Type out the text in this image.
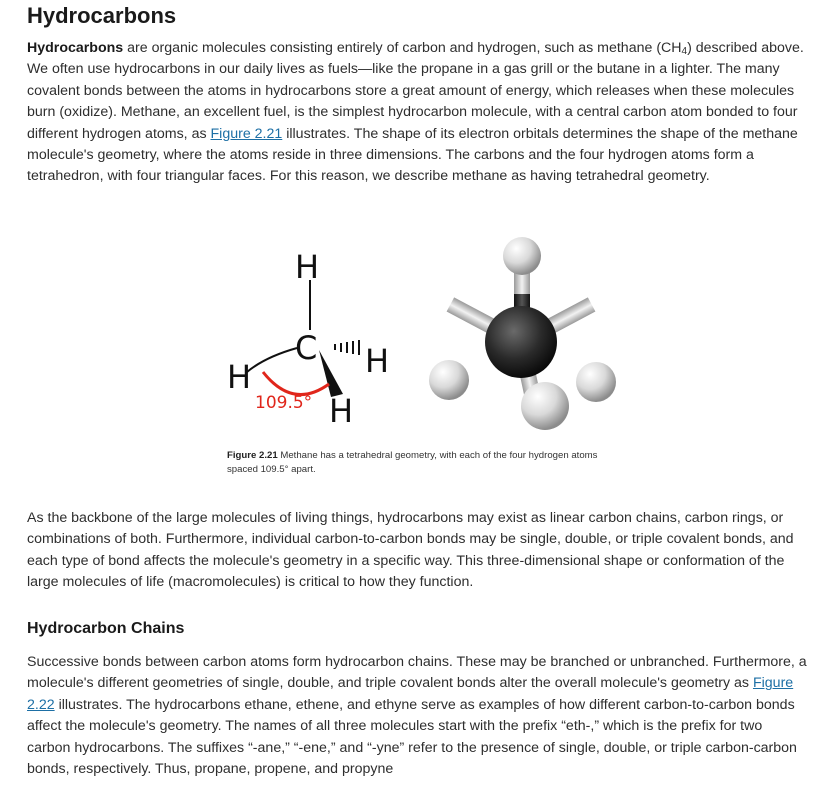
Hydrocarbons

Hydrocarbons are organic molecules consisting entirely of carbon and hydrogen, such as methane $(CH_4)$ described above. We often use hydrocarbons in our daily lives as fuels—like the propane in a gas grill or the butane in a lighter. The many covalent bonds between the atoms in hydrocarbons store a great amount of energy, which releases when these molecules burn (oxidize). Methane, an excellent fuel, is the simplest hydrocarbon molecule, with a central carbon atom bonded to four different hydrogen atoms, as Figure 2.21 illustrates. The shape of its electron orbitals determines the shape of the methane molecule's geometry, where the atoms reside in three dimensions. The carbons and the four hydrogen atoms form a tetrahedron, with four triangular faces. For this reason, we describe methane as having tetrahedral geometry.

H
C H
H
H
109.5°

Figure 2.21 Methane has a tetrahedral geometry, with each of the four hydrogen atoms spaced 109.5° apart.

As the backbone of the large molecules of living things, hydrocarbons may exist as linear carbon chains, carbon rings, or combinations of both. Furthermore, individual carbon-to-carbon bonds may be single, double, or triple covalent bonds, and each type of bond affects the molecule's geometry in a specific way. This three-dimensional shape or conformation of the large molecules of life (macromolecules) is critical to how they function.

Hydrocarbon Chains

Successive bonds between carbon atoms form hydrocarbon chains. These may be branched or unbranched. Furthermore, a molecule's different geometries of single, double, and triple covalent bonds alter the overall molecule's geometry as Figure 2.22 illustrates. The hydrocarbons ethane, ethene, and ethyne serve as examples of how different carbon-to-carbon bonds affect the molecule's geometry. The names of all three molecules start with the prefix “eth-,” which is the prefix for two carbon hydrocarbons. The suffixes “-ane,” “-ene,” and “-yne” refer to the presence of single, double, or triple carbon-carbon bonds, respectively. Thus, propane, propene, and propyne
